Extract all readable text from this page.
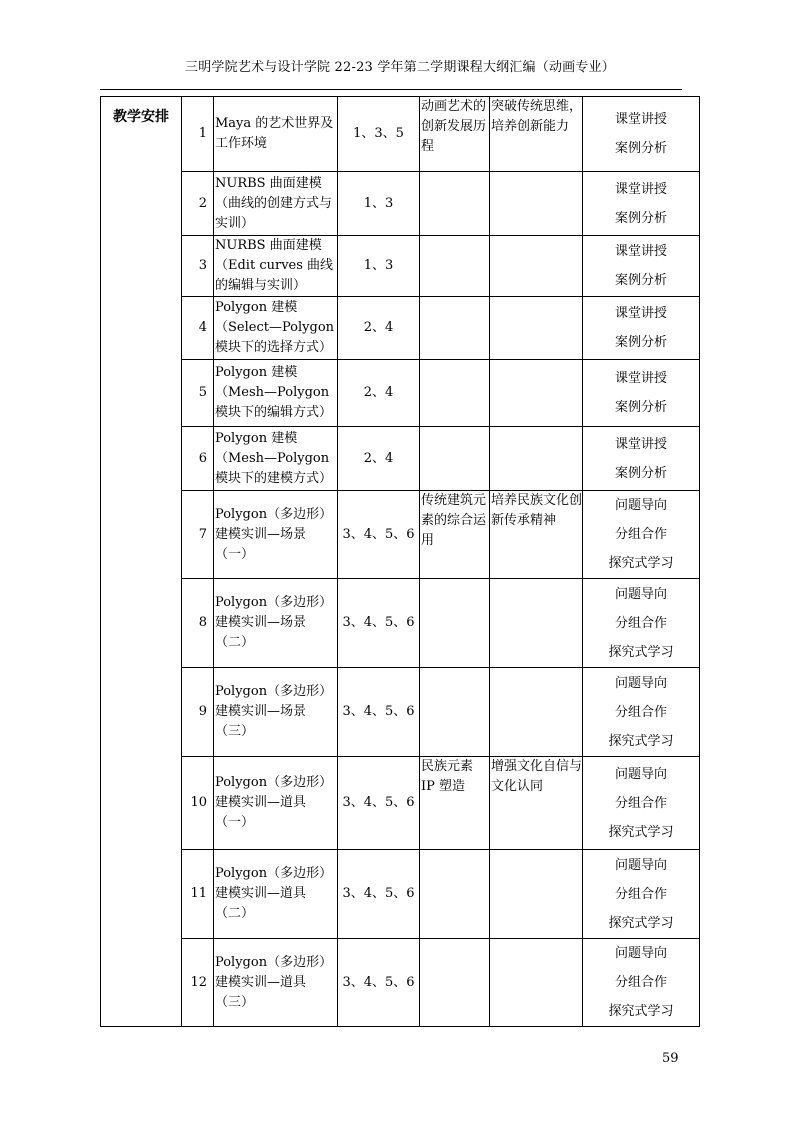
三明学院艺术与设计学院 22-23 学年第二学期课程大纲汇编（动画专业）
教学安排	1	Maya 的艺术世界及工作环境	1、3、5	动画艺术的创新发展历程	突破传统思维，培养创新能力	课堂讲授
案例分析

	2	NURBS 曲面建模（曲线的创建方式与实训）	1、3			课堂讲授
案例分析

	3	NURBS 曲面建模（Edit curves 曲线的编辑与实训）	1、3			课堂讲授
案例分析

	4	Polygon 建模（Select—Polygon 模块下的选择方式）	2、4			课堂讲授
案例分析

	5	Polygon 建模（Mesh—Polygon 模块下的编辑方式）	2、4			课堂讲授
案例分析

	6	Polygon 建模（Mesh—Polygon 模块下的建模方式）	2、4			课堂讲授
案例分析

	7	Polygon（多边形）建模实训—场景（一）	3、4、5、6	传统建筑元素的综合运用	培养民族文化创新传承精神	问题导向
分组合作
探究式学习

	8	Polygon（多边形）建模实训—场景（二）	3、4、5、6			问题导向
分组合作
探究式学习

	9	Polygon（多边形）建模实训—场景（三）	3、4、5、6			问题导向
分组合作
探究式学习

	10	Polygon（多边形）建模实训—道具（一）	3、4、5、6	民族元素 IP 塑造	增强文化自信与文化认同	问题导向
分组合作
探究式学习

	11	Polygon（多边形）建模实训—道具（二）	3、4、5、6			问题导向
分组合作
探究式学习

	12	Polygon（多边形）建模实训—道具（三）	3、4、5、6			问题导向
分组合作
探究式学习
59
